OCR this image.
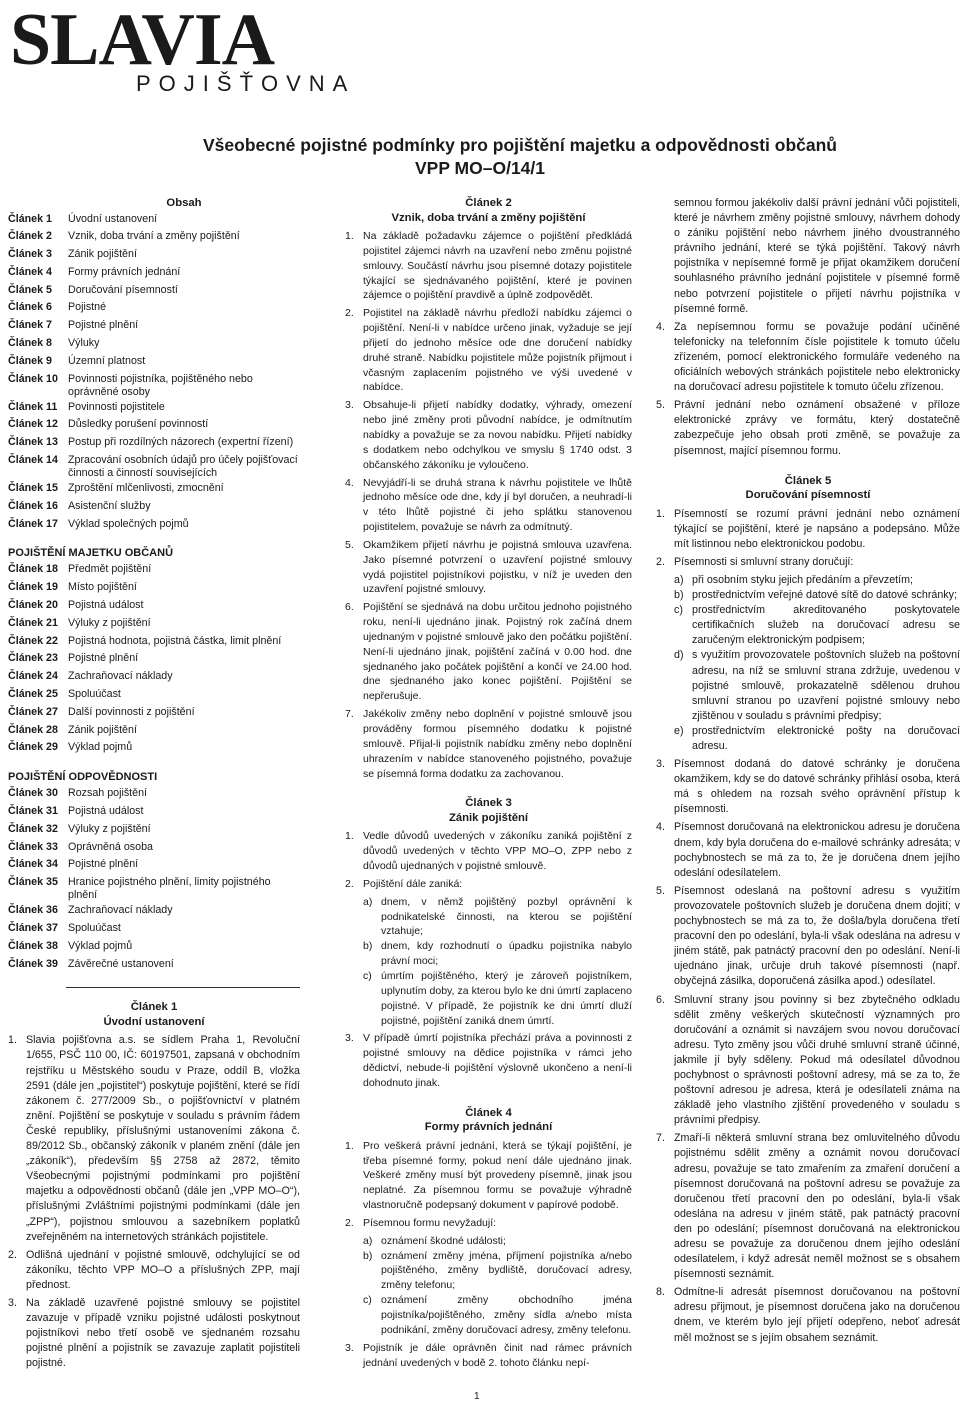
SLAVIA
POJIŠŤOVNA
Všeobecné pojistné podmínky pro pojištění majetku a odpovědnosti občanů
VPP MO–O/14/1
Obsah
Článek 1	Úvodní ustanovení
Článek 2	Vznik, doba trvání a změny pojištění
Článek 3	Zánik pojištění
Článek 4	Formy právních jednání
Článek 5	Doručování písemností
Článek 6	Pojistné
Článek 7	Pojistné plnění
Článek 8	Výluky
Článek 9	Územní platnost
Článek 10 Povinnosti pojistníka, pojištěného nebo oprávněné osoby
Článek 11 Povinnosti pojistitele
Článek 12 Důsledky porušení povinností
Článek 13 Postup při rozdílných názorech (expertní řízení)
Článek 14 Zpracování osobních údajů pro účely pojišťovací činnosti a činností souvisejících
Článek 15 Zproštění mlčenlivosti, zmocnění
Článek 16 Asistenční služby
Článek 17 Výklad společných pojmů
POJIŠTĚNÍ MAJETKU OBČANŮ
Článek 18 Předmět pojištění
Článek 19 Místo pojištění
Článek 20 Pojistná událost
Článek 21 Výluky z pojištění
Článek 22 Pojistná hodnota, pojistná částka, limit plnění
Článek 23 Pojistné plnění
Článek 24 Zachraňovací náklady
Článek 25 Spoluúčast
Článek 27 Další povinnosti z pojištění
Článek 28 Zánik pojištění
Článek 29 Výklad pojmů
POJIŠTĚNÍ ODPOVĚDNOSTI
Článek 30 Rozsah pojištění
Článek 31 Pojistná událost
Článek 32 Výluky z pojištění
Článek 33 Oprávněná osoba
Článek 34 Pojistné plnění
Článek 35 Hranice pojistného plnění, limity pojistného plnění
Článek 36 Zachraňovací náklady
Článek 37 Spoluúčast
Článek 38 Výklad pojmů
Článek 39 Závěrečné ustanovení
Článek 1
Úvodní ustanovení
1. Slavia pojišťovna a.s. se sídlem Praha 1, Revoluční 1/655, PSČ 110 00, IČ: 60197501, zapsaná v obchodním rejstříku u Městského soudu v Praze, oddíl B, vložka 2591 (dále jen „pojistitel“) poskytuje pojištění, které se řídí zákonem č. 277/2009 Sb., o pojišťovnictví v platném znění. Pojištění se poskytuje v souladu s právním řádem České republiky, příslušnými ustanoveními zákona č. 89/2012 Sb., občanský zákoník v planém znění (dále jen „zákoník“), především §§ 2758 až 2872, těmito Všeobecnými pojistnými podmínkami pro pojištění majetku a odpovědnosti občanů (dále jen „VPP MO–O“), příslušnými Zvláštními pojistnými podmínkami (dále jen „ZPP“), pojistnou smlouvou a sazebníkem poplatků zveřejněném na internetových stránkách pojistitele.
2. Odlišná ujednání v pojistné smlouvě, odchylující se od zákoníku, těchto VPP MO–O a příslušných ZPP, mají přednost.
3. Na základě uzavřené pojistné smlouvy se pojistitel zavazuje v případě vzniku pojistné události poskytnout pojistníkovi nebo třetí osobě ve sjednaném rozsahu pojistné plnění a pojistník se zavazuje zaplatit pojistiteli pojistné.
Článek 2
Vznik, doba trvání a změny pojištění
1. Na základě požadavku zájemce o pojištění předkládá pojistitel zájemci návrh na uzavření nebo změnu pojistné smlouvy. Součástí návrhu jsou písemné dotazy pojistitele týkající se sjednávaného pojištění, které je povinen zájemce o pojištění pravdivě a úplně zodpovědět.
2. Pojistitel na základě návrhu předloží nabídku zájemci o pojištění. Není-li v nabídce určeno jinak, vyžaduje se její přijetí do jednoho měsíce ode dne doručení nabídky druhé straně. Nabídku pojistitele může pojistník přijmout i včasným zaplacením pojistného ve výši uvedené v nabídce.
3. Obsahuje-li přijetí nabídky dodatky, výhrady, omezení nebo jiné změny proti původní nabídce, je odmítnutím nabídky a považuje se za novou nabídku. Přijetí nabídky s dodatkem nebo odchylkou ve smyslu § 1740 odst. 3 občanského zákoníku je vyloučeno.
4. Nevyjádří-li se druhá strana k návrhu pojistitele ve lhůtě jednoho měsíce ode dne, kdy jí byl doručen, a neuhradí-li v této lhůtě pojistné či jeho splátku stanovenou pojistitelem, považuje se návrh za odmítnutý.
5. Okamžikem přijetí návrhu je pojistná smlouva uzavřena. Jako písemné potvrzení o uzavření pojistné smlouvy vydá pojistitel pojistníkovi pojistku, v níž je uveden den uzavření pojistné smlouvy.
6. Pojištění se sjednává na dobu určitou jednoho pojistného roku, není-li ujednáno jinak. Pojistný rok začíná dnem ujednaným v pojistné smlouvě jako den počátku pojištění. Není-li ujednáno jinak, pojištění začíná v 0.00 hod. dne sjednaného jako počátek pojištění a končí ve 24.00 hod. dne sjednaného jako konec pojištění. Pojištění se nepřerušuje.
7. Jakékoliv změny nebo doplnění v pojistné smlouvě jsou prováděny formou písemného dodatku k pojistné smlouvě. Přijal-li pojistník nabídku změny nebo doplnění uhrazením v nabídce stanoveného pojistného, považuje se písemná forma dodatku za zachovanou.
Článek 3
Zánik pojištění
1. Vedle důvodů uvedených v zákoníku zaniká pojištění z důvodů uvedených v těchto VPP MO–O, ZPP nebo z důvodů ujednaných v pojistné smlouvě.
2. Pojištění dále zaniká:
a) dnem, v němž pojištěný pozbyl oprávnění k podnikatelské činnosti, na kterou se pojištění vztahuje;
b) dnem, kdy rozhodnutí o úpadku pojistníka nabylo právní moci;
c) úmrtím pojištěného, který je zároveň pojistníkem, uplynutím doby, za kterou bylo ke dni úmrtí zaplaceno pojistné. V případě, že pojistník ke dni úmrtí dluží pojistné, pojištění zaniká dnem úmrtí.
3. V případě úmrtí pojistníka přechází práva a povinnosti z pojistné smlouvy na dědice pojistníka v rámci jeho dědictví, nebude-li pojištění výslovně ukončeno a není-li dohodnuto jinak.
Článek 4
Formy právních jednání
1. Pro veškerá právní jednání, která se týkají pojištění, je třeba písemné formy, pokud není dále ujednáno jinak. Veškeré změny musí být provedeny písemně, jinak jsou neplatné. Za písemnou formu se považuje výhradně vlastnoručně podepsaný dokument v papírové podobě.
2. Písemnou formu nevyžadují:
a) oznámení škodné události;
b) oznámení změny jména, příjmení pojistníka a/nebo pojištěného, změny bydliště, doručovací adresy, změny telefonu;
c) oznámení změny obchodního jména pojistníka/pojištěného, změny sídla a/nebo místa podnikání, změny doručovací adresy, změny telefonu.
3. Pojistník je dále oprávněn činit nad rámec právních jednání uvedených v bodě 2. tohoto článku nepí-
semnou formou jakékoliv další právní jednání vůči pojistiteli, které je návrhem změny pojistné smlouvy, návrhem dohody o zániku pojištění nebo návrhem jiného dvoustranného právního jednání, které se týká pojištění. Takový návrh pojistníka v nepísemné formě je přijat okamžikem doručení souhlasného právního jednání pojistitele v písemné formě nebo potvrzení pojistitele o přijetí návrhu pojistníka v písemné formě.
4. Za nepísemnou formu se považuje podání učiněné telefonicky na telefonním čísle pojistitele k tomuto účelu zřízeném, pomocí elektronického formuláře vedeného na oficiálních webových stránkách pojistitele nebo elektronicky na doručovací adresu pojistitele k tomuto účelu zřízenou.
5. Právní jednání nebo oznámení obsažené v příloze elektronické zprávy ve formátu, který dostatečně zabezpečuje jeho obsah proti změně, se považuje za písemnost, mající písemnou formu.
Článek 5
Doručování písemností
1. Písemností se rozumí právní jednání nebo oznámení týkající se pojištění, které je napsáno a podepsáno. Může mít listinnou nebo elektronickou podobu.
2. Písemnosti si smluvní strany doručují:
a) při osobním styku jejich předáním a převzetím;
b) prostřednictvím veřejné datové sítě do datové schránky;
c) prostřednictvím akreditovaného poskytovatele certifikačních služeb na doručovací adresu se zaručeným elektronickým podpisem;
d) s využitím provozovatele poštovních služeb na poštovní adresu, na níž se smluvní strana zdržuje, uvedenou v pojistné smlouvě, prokazatelně sdělenou druhou smluvní stranou po uzavření pojistné smlouvy nebo zjištěnou v souladu s právními předpisy;
e) prostřednictvím elektronické pošty na doručovací adresu.
3. Písemnost dodaná do datové schránky je doručena okamžikem, kdy se do datové schránky přihlásí osoba, která má s ohledem na rozsah svého oprávnění přístup k písemnosti.
4. Písemnost doručovaná na elektronickou adresu je doručena dnem, kdy byla doručena do e-mailové schránky adresáta; v pochybnostech se má za to, že je doručena dnem jejího odeslání odesílatelem.
5. Písemnost odeslaná na poštovní adresu s využitím provozovatele poštovních služeb je doručena dnem dojití; v pochybnostech se má za to, že došla/byla doručena třetí pracovní den po odeslání, byla-li však odeslána na adresu v jiném státě, pak patnáctý pracovní den po odeslání. Není-li ujednáno jinak, určuje druh takové písemnosti (např. obyčejná zásilka, doporučená zásilka apod.) odesílatel.
6. Smluvní strany jsou povinny si bez zbytečného odkladu sdělit změny veškerých skutečností významných pro doručování a oznámit si navzájem svou novou doručovací adresu. Tyto změny jsou vůči druhé smluvní straně účinné, jakmile jí byly sděleny. Pokud má odesílatel důvodnou pochybnost o správnosti poštovní adresy, má se za to, že poštovní adresou je adresa, která je odesílateli známa na základě jeho vlastního zjištění provedeného v souladu s právními předpisy.
7. Zmaří-li některá smluvní strana bez omluvitelného důvodu pojistnému sdělit změny a oznámit novou doručovací adresu, považuje se tato zmařením za zmaření doručení a písemnost doručovaná na poštovní adresu se považuje za doručenou třetí pracovní den po odeslání, byla-li však odeslána na adresu v jiném státě, pak patnáctý pracovní den po odeslání; písemnost doručovaná na elektronickou adresu se považuje za doručenou dnem jejího odeslání odesílatelem, i když adresát neměl možnost se s obsahem písemnosti seznámit.
8. Odmítne-li adresát písemnost doručovanou na poštovní adresu přijmout, je písemnost doručena jako na doručenou dnem, ve kterém bylo její přijetí odepřeno, neboť adresát měl možnost se s jejím obsahem seznámit.
1
